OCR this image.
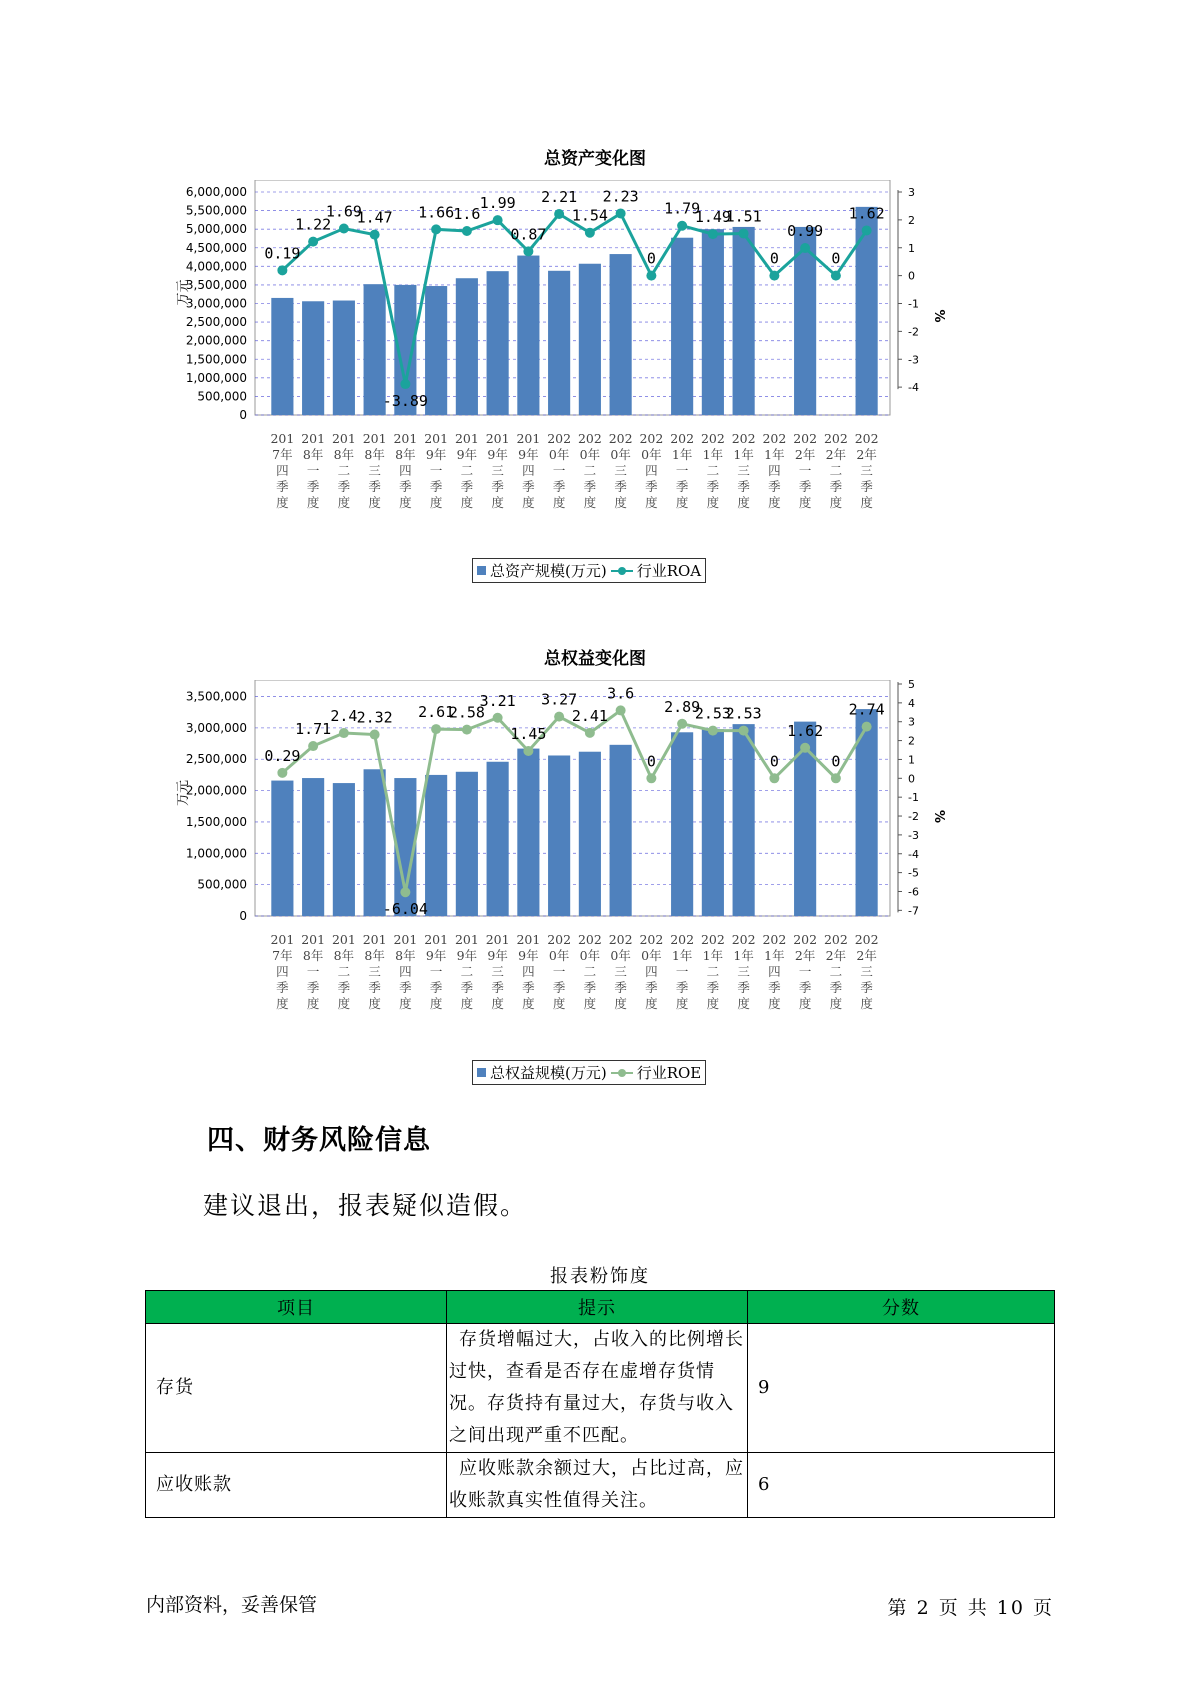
总资产变化图
6,000,000
5,500,000
5,000,000
4,500,000
4,000,000
3,500,000
3,000,000
2,500,000
2,000,000
1,500,000
1,000,000
500,000
0
3
2
1
0
-1
-2
-3
-4
万元
%
201
7年
四
季
度
201
8年
一
季
度
201
8年
二
季
度
201
8年
三
季
度
201
8年
四
季
度
201
9年
一
季
度
201
9年
二
季
度
201
9年
三
季
度
201
9年
四
季
度
202
0年
一
季
度
202
0年
二
季
度
202
0年
三
季
度
202
0年
四
季
度
202
1年
一
季
度
202
1年
二
季
度
202
1年
三
季
度
202
1年
四
季
度
202
2年
一
季
度
202
2年
二
季
度
202
2年
三
季
度
0.19
1.22
1.69
1.47
-3.89
1.66 1.6
1.99
0.87
2.21
1.54
2.23
0
1.79
1.49
1.51
0
0.99
0
1.62
总资产规模(万元) 行业ROA
总权益变化图
3,500,000
3,000,000
2,500,000
2,000,000
1,500,000
1,000,000
500,000
0
5
4
3
2
1
0
-1
-2
-3
-4
-5
-6
-7
万元
%
201
7年
四
季
度
201
8年
一
季
度
201
8年
二
季
度
201
8年
三
季
度
201
8年
四
季
度
201
9年
一
季
度
201
9年
二
季
度
201
9年
三
季
度
201
9年
四
季
度
202
0年
一
季
度
202
0年
二
季
度
202
0年
三
季
度
202
0年
四
季
度
202
1年
一
季
度
202
1年
二
季
度
202
1年
三
季
度
202
1年
四
季
度
202
2年
一
季
度
202
2年
二
季
度
202
2年
三
季
度
0.29
1.71
2.4 2.32
-6.04
2.61
2.58
3.21
1.45
3.27
2.41
3.6
0
2.89
2.53
2.53
0
1.62
0
2.74
总权益规模(万元) 行业ROE
四、财务风险信息
建议退出，报表疑似造假。
报表粉饰度
项目	提示	分数
存货	存货增幅过大，占收入的比例增长过快，查看是否存在虚增存货情况。存货持有量过大，存货与收入之间出现严重不匹配。	9
应收账款	应收账款余额过大，占比过高，应收账款真实性值得关注。	6
内部资料，妥善保管	第 2 页 共 10 页
